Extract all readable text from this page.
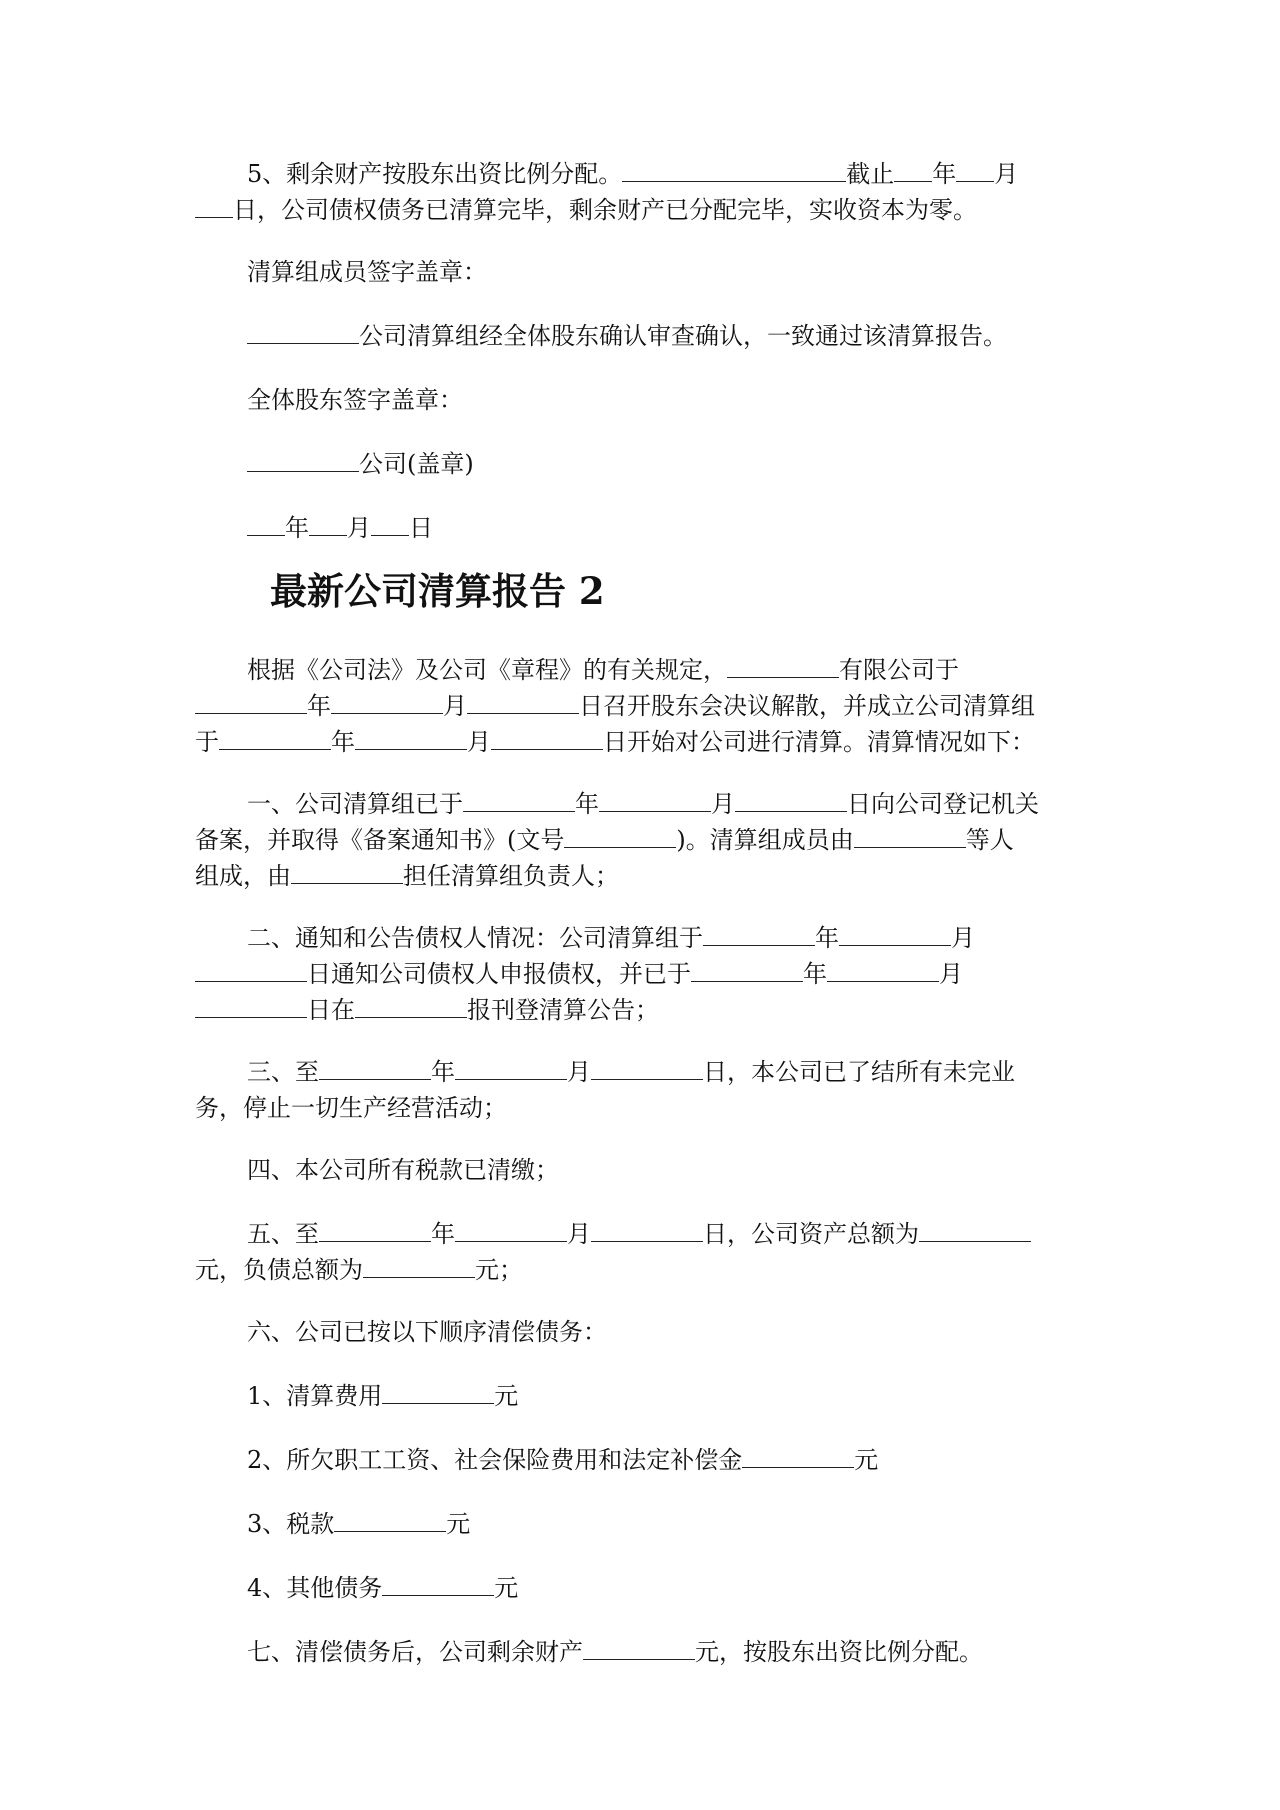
5、剩余财产按股东出资比例分配。	截止 年 月

日，公司债权债务已清算完毕，剩余财产已分配完毕，实收资本为零。

清算组成员签字盖章：

公司清算组经全体股东确认审查确认，一致通过该清算报告。

全体股东签字盖章：

公司(盖章)

年 月 日

最新公司清算报告 2

根据《公司法》及公司《章程》的有关规定，	有限公司于

年	月	日召开股东会决议解散，并成立公司清算组

于	年	月	日开始对公司进行清算。清算情况如下：

一、公司清算组已于	年	月	日向公司登记机关

备案，并取得《备案通知书》(文号	)。清算组成员由	等人

组成，由	担任清算组负责人；

二、通知和公告债权人情况：公司清算组于	年	月

日通知公司债权人申报债权，并已于	年	月

日在	报刊登清算公告；

三、至	年	月	日，本公司已了结所有未完业

务，停止一切生产经营活动；

四、本公司所有税款已清缴；

五、至	年	月	日，公司资产总额为

元，负债总额为	元；

六、公司已按以下顺序清偿债务：

1、清算费用	元

2、所欠职工工资、社会保险费用和法定补偿金	元

3、税款	元

4、其他债务	元

七、清偿债务后，公司剩余财产	元，按股东出资比例分配。
